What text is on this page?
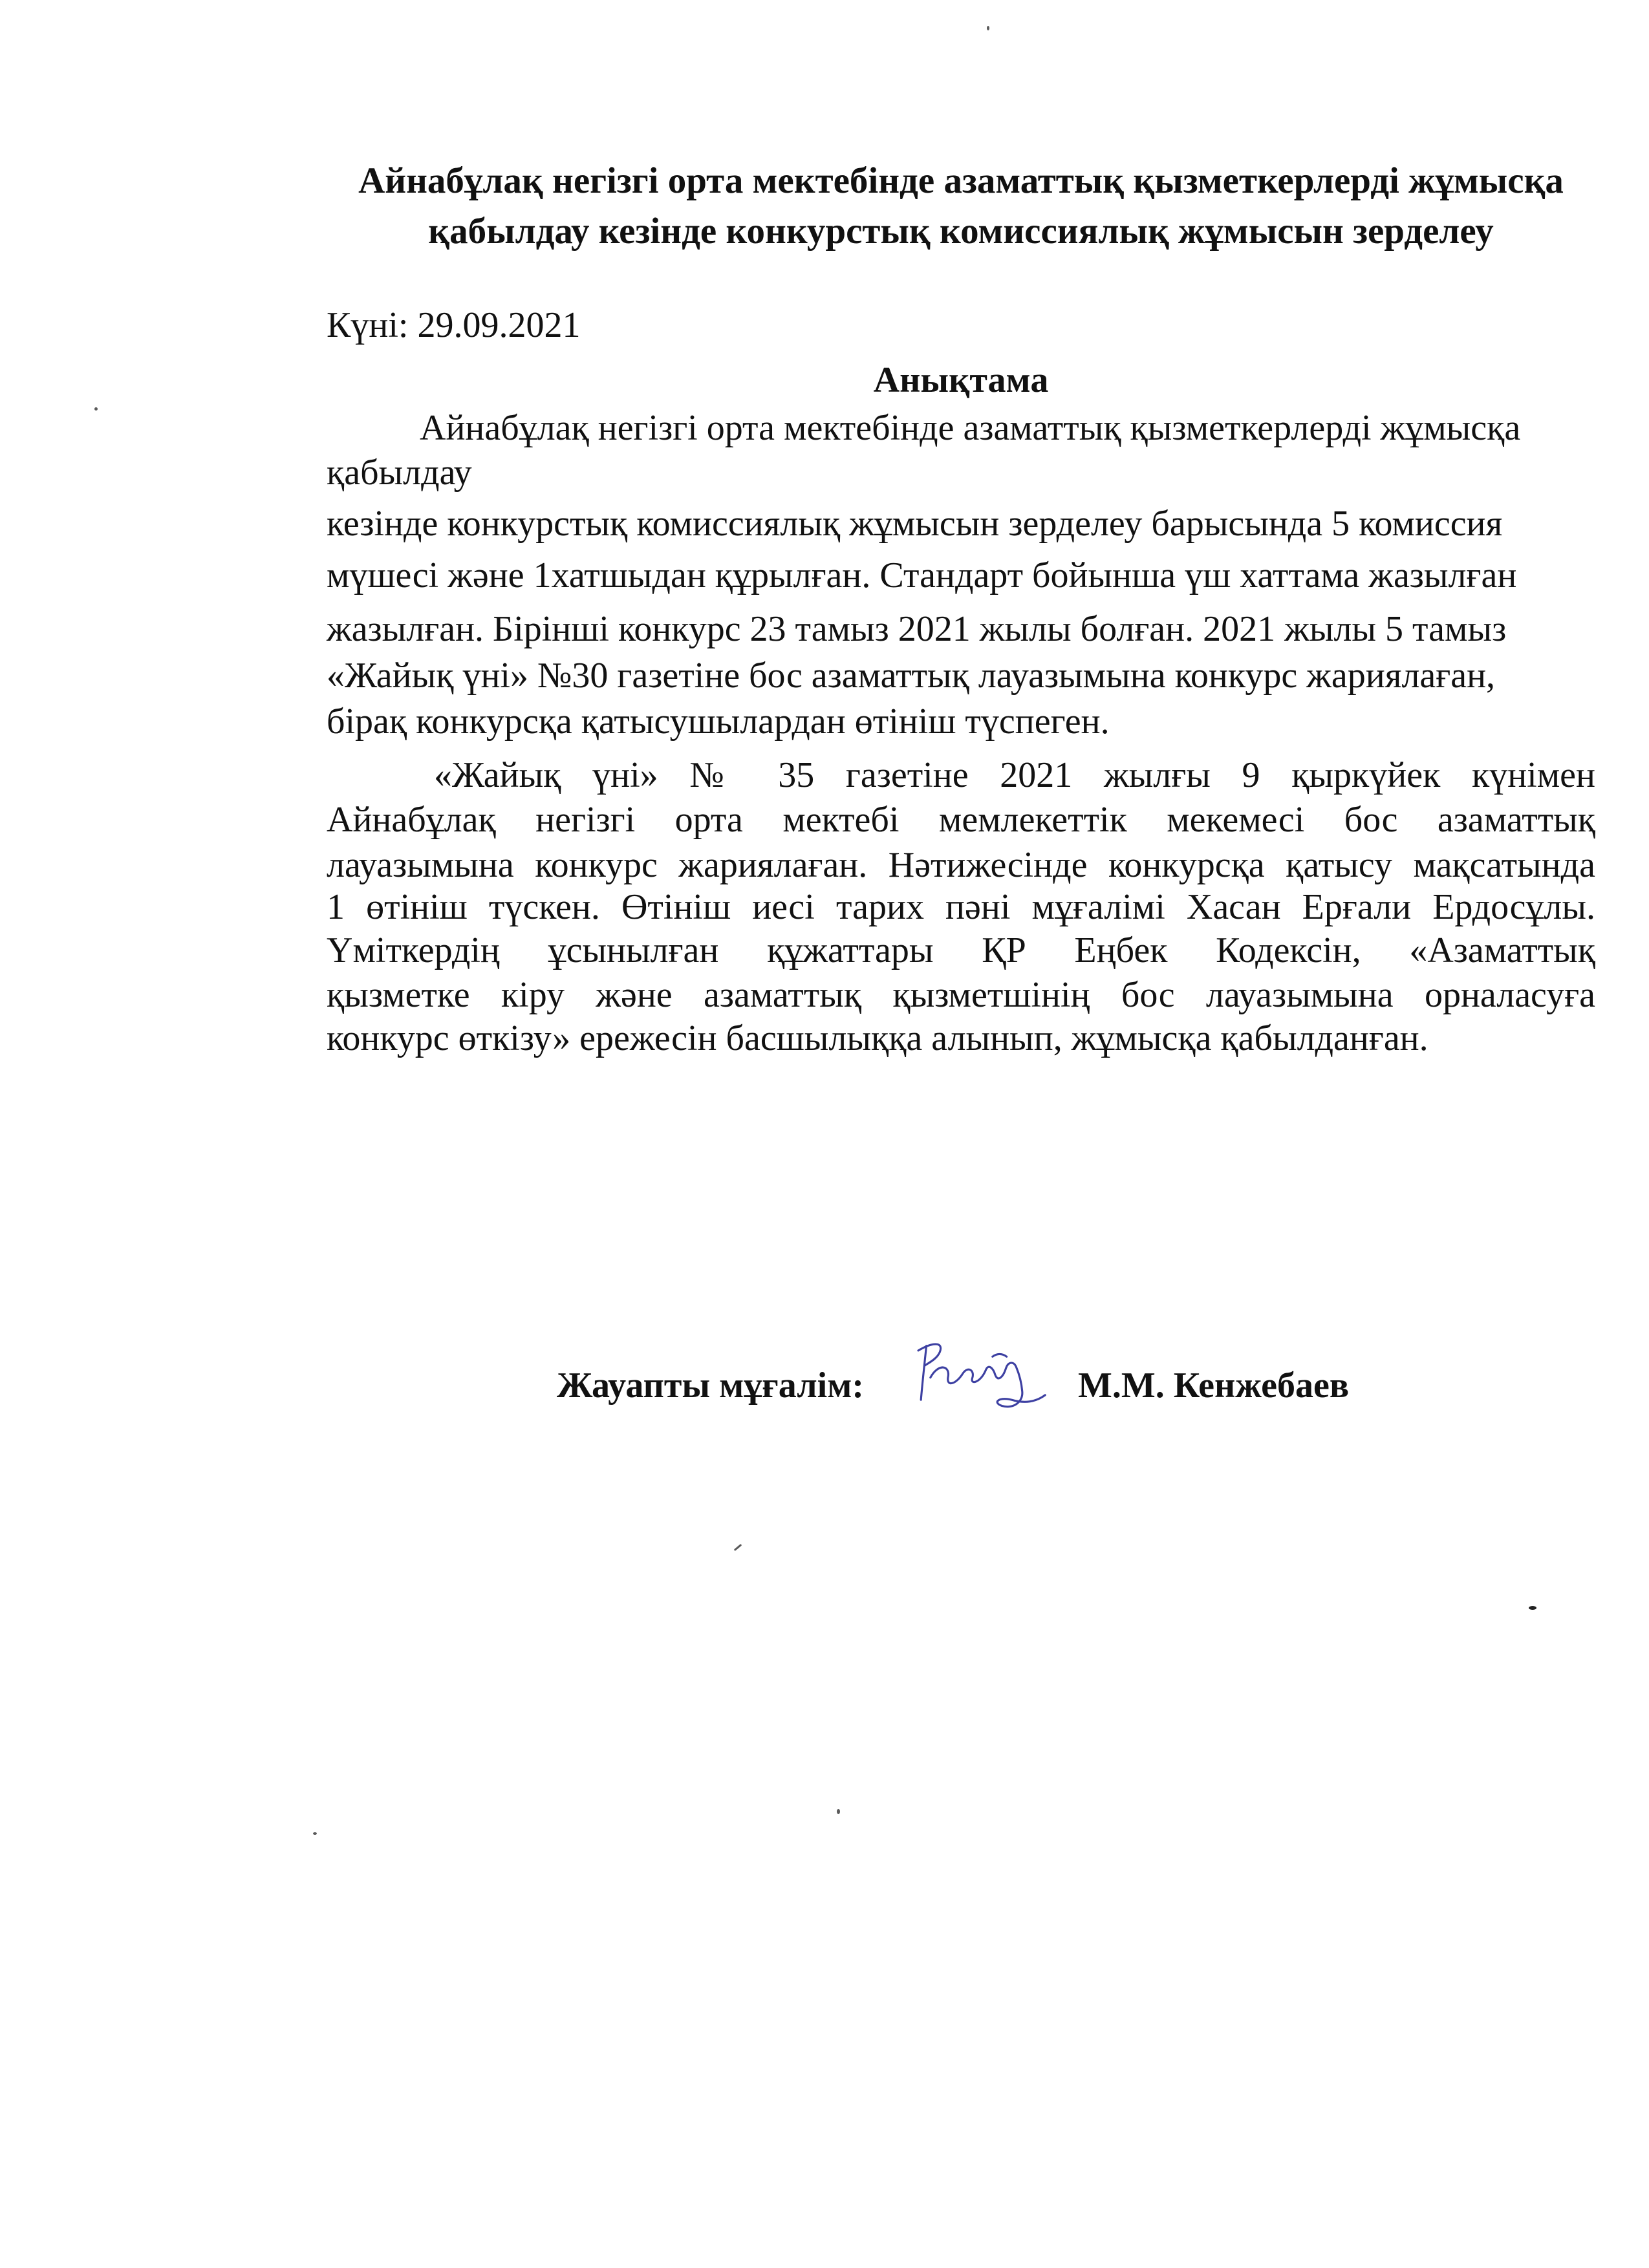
Айнабұлақ негізгі орта мектебінде азаматтық қызметкерлерді жұмысқа
қабылдау кезінде конкурстық комиссиялық жұмысын зерделеу
Күні: 29.09.2021
Анықтама
Айнабұлақ негізгі орта мектебінде азаматтық қызметкерлерді жұмысқа
қабылдау
кезінде конкурстық комиссиялық жұмысын зерделеу барысында 5 комиссия
мүшесі және 1хатшыдан құрылған. Стандарт бойынша үш хаттама жазылған
жазылған. Бірінші конкурс 23 тамыз 2021 жылы болған. 2021 жылы 5 тамыз
«Жайық үні» №30 газетіне бос азаматтық лауазымына конкурс жариялаған,
бірақ конкурсқа қатысушылардан өтініш түспеген.
«Жайық үні» № 35 газетіне 2021 жылғы 9 қыркүйек күнімен
Айнабұлақ негізгі орта мектебі мемлекеттік мекемесі бос азаматтық
лауазымына конкурс жариялаған. Нәтижесінде конкурсқа қатысу мақсатында
1 өтініш түскен. Өтініш иесі тарих пәні мұғалімі Хасан Ерғали Ердосұлы.
Үміткердің ұсынылған құжаттары ҚР Еңбек Кодексін, «Азаматтық
қызметке кіру және азаматтық қызметшінің бос лауазымына орналасуға
конкурс өткізу» ережесін басшылыққа алынып, жұмысқа қабылданған.
Жауапты мұғалім:	М.М. Кенжебаев
